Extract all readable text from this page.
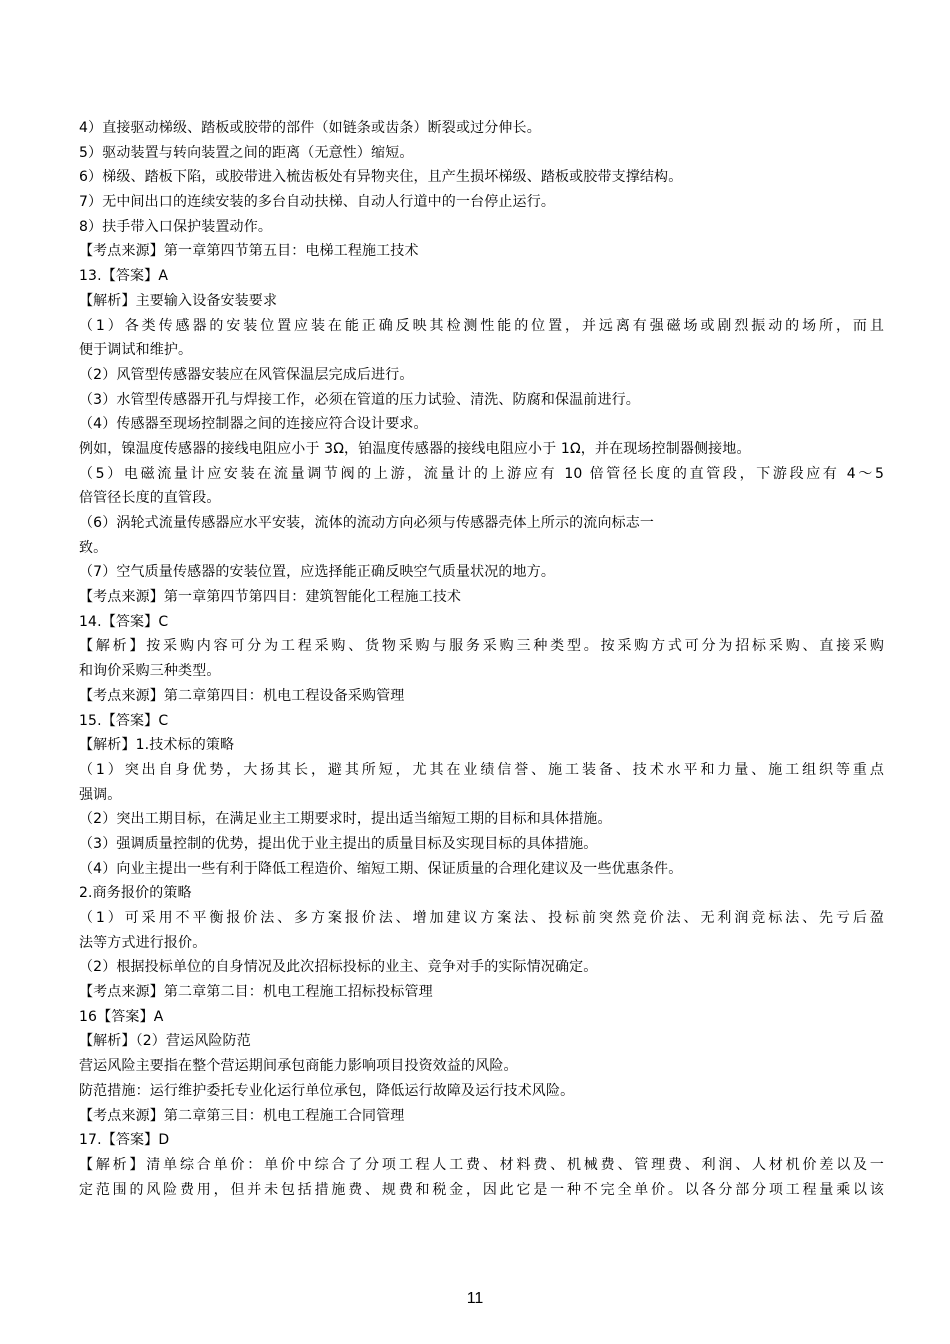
4）直接驱动梯级、踏板或胶带的部件（如链条或齿条）断裂或过分伸长。
5）驱动装置与转向装置之间的距离（无意性）缩短。
6）梯级、踏板下陷，或胶带进入梳齿板处有异物夹住，且产生损坏梯级、踏板或胶带支撑结构。
7）无中间出口的连续安装的多台自动扶梯、自动人行道中的一台停止运行。
8）扶手带入口保护装置动作。
【考点来源】第一章第四节第五目：电梯工程施工技术
13.【答案】A
【解析】主要输入设备安装要求
（1）各类传感器的安装位置应装在能正确反映其检测性能的位置，并远离有强磁场或剧烈振动的场所，而且
便于调试和维护。
（2）风管型传感器安装应在风管保温层完成后进行。
（3）水管型传感器开孔与焊接工作，必须在管道的压力试验、清洗、防腐和保温前进行。
（4）传感器至现场控制器之间的连接应符合设计要求。
例如，镍温度传感器的接线电阻应小于 3Ω，铂温度传感器的接线电阻应小于 1Ω，并在现场控制器侧接地。
（5）电磁流量计应安装在流量调节阀的上游，流量计的上游应有 10 倍管径长度的直管段，下游段应有 4～5
倍管径长度的直管段。
（6）涡轮式流量传感器应水平安装，流体的流动方向必须与传感器壳体上所示的流向标志一
致。
（7）空气质量传感器的安装位置，应选择能正确反映空气质量状况的地方。
【考点来源】第一章第四节第四目：建筑智能化工程施工技术
14.【答案】C
【解析】按采购内容可分为工程采购、货物采购与服务采购三种类型。按采购方式可分为招标采购、直接采购
和询价采购三种类型。
【考点来源】第二章第四目：机电工程设备采购管理
15.【答案】C
【解析】1.技术标的策略
（1）突出自身优势，大扬其长，避其所短，尤其在业绩信誉、施工装备、技术水平和力量、施工组织等重点
强调。
（2）突出工期目标，在满足业主工期要求时，提出适当缩短工期的目标和具体措施。
（3）强调质量控制的优势，提出优于业主提出的质量目标及实现目标的具体措施。
（4）向业主提出一些有利于降低工程造价、缩短工期、保证质量的合理化建议及一些优惠条件。
2.商务报价的策略
（1）可采用不平衡报价法、多方案报价法、增加建议方案法、投标前突然竞价法、无利润竞标法、先亏后盈
法等方式进行报价。
（2）根据投标单位的自身情况及此次招标投标的业主、竞争对手的实际情况确定。
【考点来源】第二章第二目：机电工程施工招标投标管理
16【答案】A
【解析】（2）营运风险防范
营运风险主要指在整个营运期间承包商能力影响项目投资效益的风险。
防范措施：运行维护委托专业化运行单位承包，降低运行故障及运行技术风险。
【考点来源】第二章第三目：机电工程施工合同管理
17.【答案】D
【解析】清单综合单价：单价中综合了分项工程人工费、材料费、机械费、管理费、利润、人材机价差以及一
定范围的风险费用，但并未包括措施费、规费和税金，因此它是一种不完全单价。以各分部分项工程量乘以该
11
